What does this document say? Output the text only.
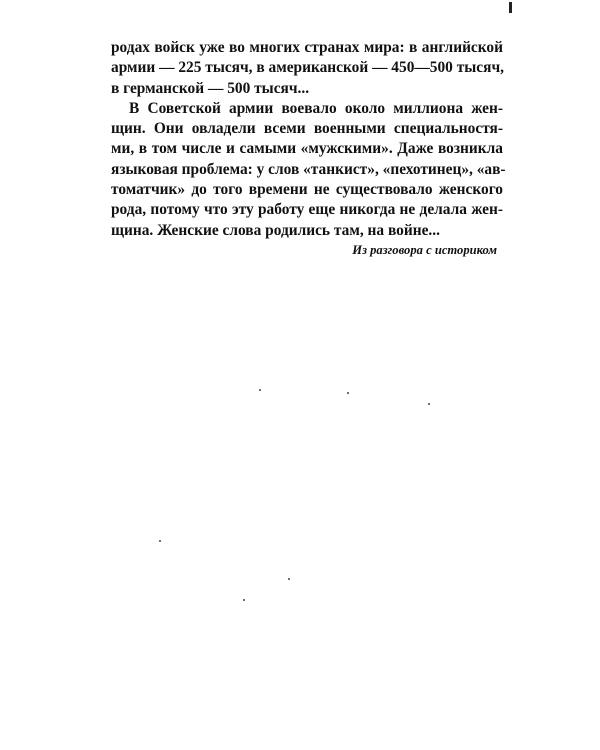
родах войск уже во многих странах мира: в английской
армии — 225 тысяч, в американской — 450—500 тысяч,
в германской — 500 тысяч...

В Советской армии воевало около миллиона жен-
щин. Они овладели всеми военными специальностя-
ми, в том числе и самыми «мужскими». Даже возникла
языковая проблема: у слов «танкист», «пехотинец», «ав-
томатчик» до того времени не существовало женского
рода, потому что эту работу еще никогда не делала жен-
щина. Женские слова родились там, на войне...

Из разговора с историком
